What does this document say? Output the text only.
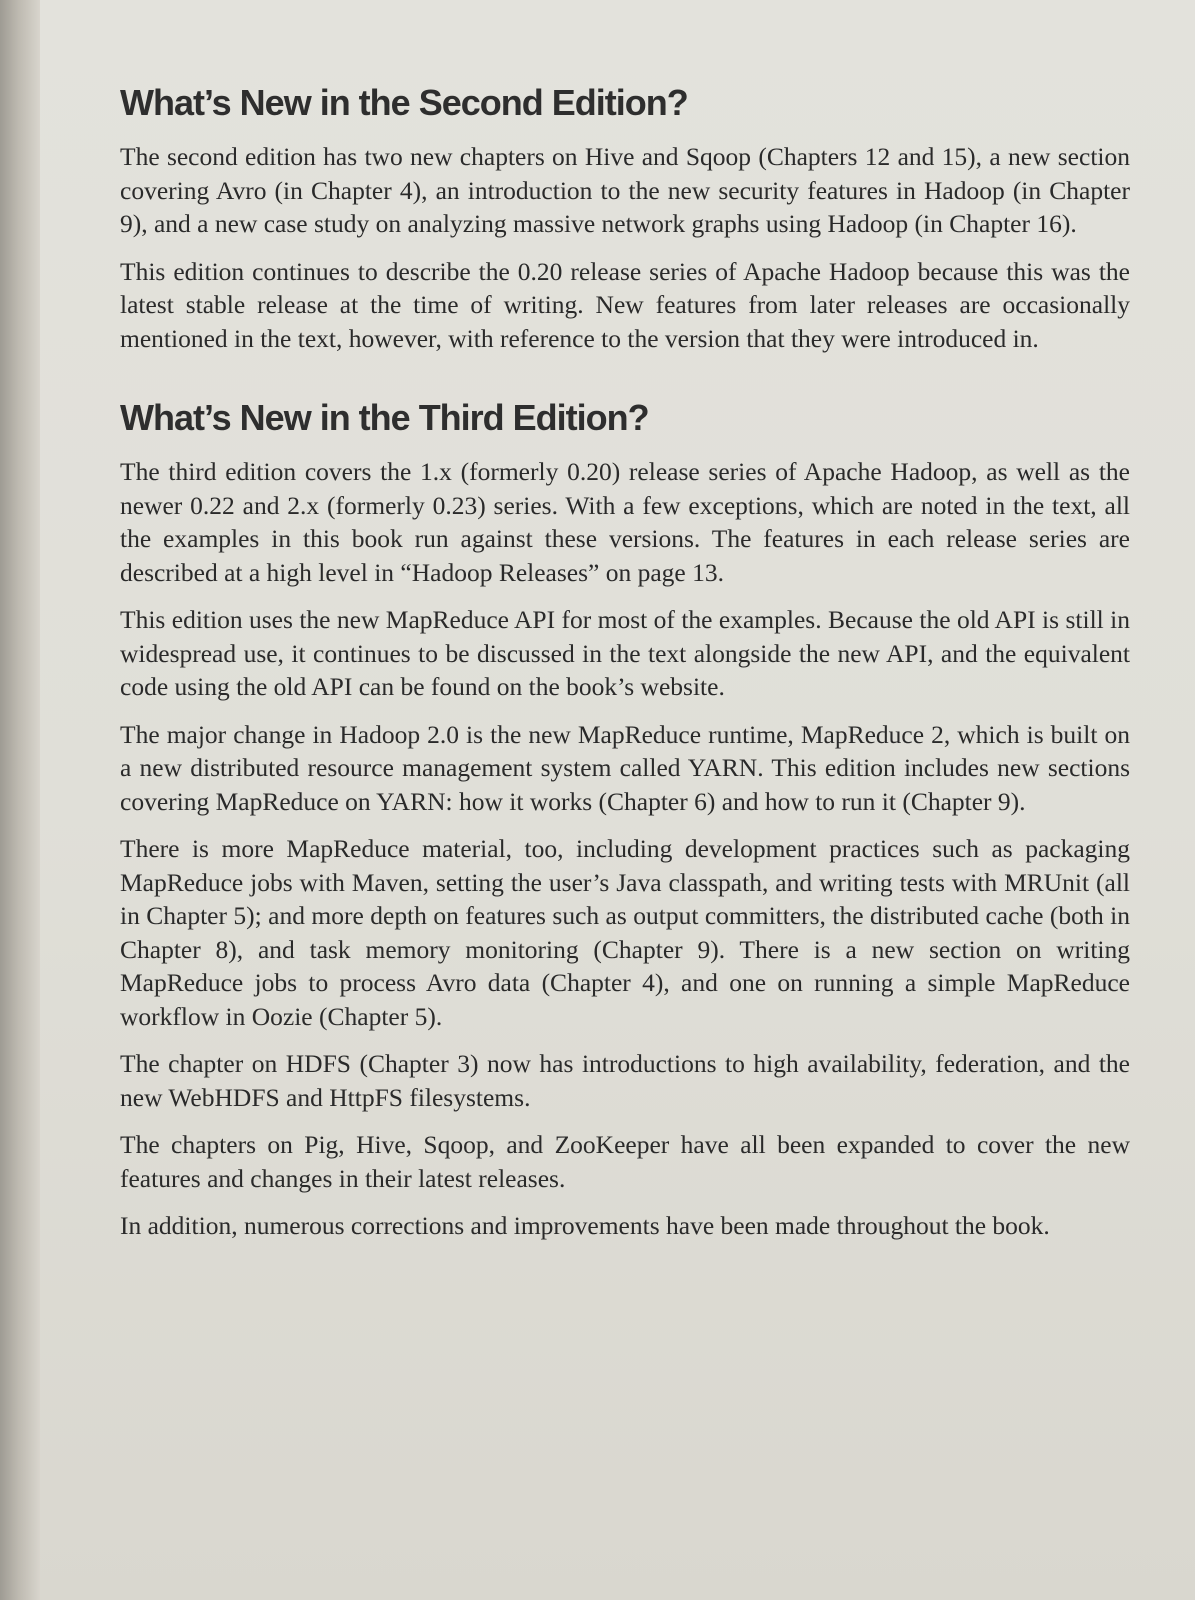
What’s New in the Second Edition?

The second edition has two new chapters on Hive and Sqoop (Chapters 12 and 15), a new section covering Avro (in Chapter 4), an introduction to the new security features in Hadoop (in Chapter 9), and a new case study on analyzing massive network graphs using Hadoop (in Chapter 16).

This edition continues to describe the 0.20 release series of Apache Hadoop because this was the latest stable release at the time of writing. New features from later releases are occasionally mentioned in the text, however, with reference to the version that they were introduced in.

What’s New in the Third Edition?

The third edition covers the 1.x (formerly 0.20) release series of Apache Hadoop, as well as the newer 0.22 and 2.x (formerly 0.23) series. With a few exceptions, which are noted in the text, all the examples in this book run against these versions. The features in each release series are described at a high level in “Hadoop Releases” on page 13.

This edition uses the new MapReduce API for most of the examples. Because the old API is still in widespread use, it continues to be discussed in the text alongside the new API, and the equivalent code using the old API can be found on the book’s website.

The major change in Hadoop 2.0 is the new MapReduce runtime, MapReduce 2, which is built on a new distributed resource management system called YARN. This edition includes new sections covering MapReduce on YARN: how it works (Chapter 6) and how to run it (Chapter 9).

There is more MapReduce material, too, including development practices such as packaging MapReduce jobs with Maven, setting the user’s Java classpath, and writing tests with MRUnit (all in Chapter 5); and more depth on features such as output committers, the distributed cache (both in Chapter 8), and task memory monitoring (Chapter 9). There is a new section on writing MapReduce jobs to process Avro data (Chapter 4), and one on running a simple MapReduce workflow in Oozie (Chapter 5).

The chapter on HDFS (Chapter 3) now has introductions to high availability, federation, and the new WebHDFS and HttpFS filesystems.

The chapters on Pig, Hive, Sqoop, and ZooKeeper have all been expanded to cover the new features and changes in their latest releases.

In addition, numerous corrections and improvements have been made throughout the book.
